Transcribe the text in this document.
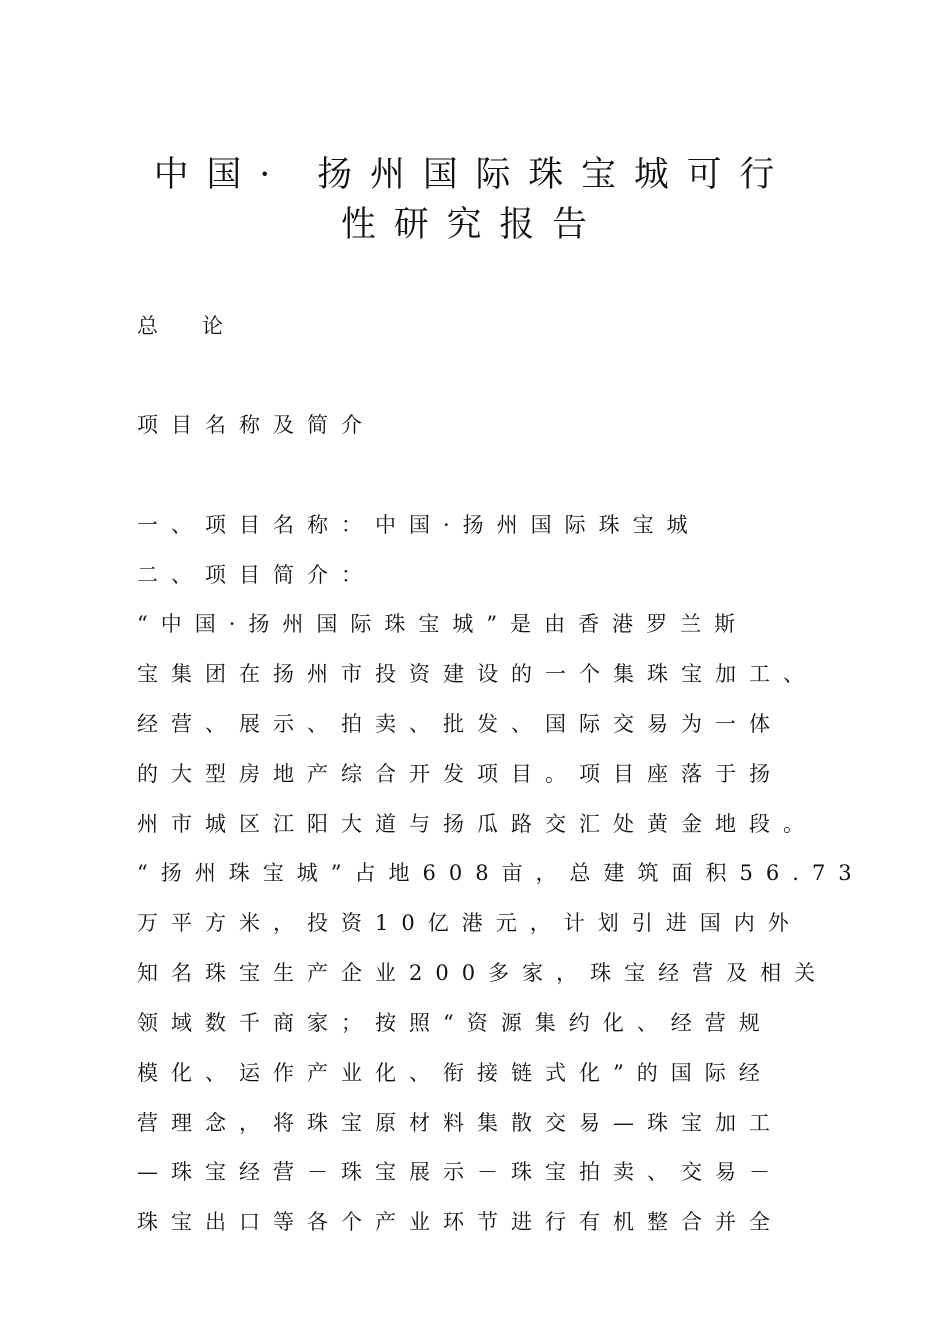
中国· 扬州国际珠宝城可行
性研究报告
总论
项目名称及简介
一、项目名称：中国·扬州国际珠宝城
二、项目简介：
“中国·扬州国际珠宝城”是由香港罗兰斯
宝集团在扬州市投资建设的一个集珠宝加工、
经营、展示、拍卖、批发、国际交易为一体
的大型房地产综合开发项目。项目座落于扬
州市城区江阳大道与扬瓜路交汇处黄金地段。
“扬州珠宝城”占地608亩，总建筑面积56.73
万平方米，投资10亿港元，计划引进国内外
知名珠宝生产企业200多家，珠宝经营及相关
领域数千商家；按照“资源集约化、经营规
模化、运作产业化、衔接链式化”的国际经
营理念，将珠宝原材料集散交易—珠宝加工
—珠宝经营－珠宝展示－珠宝拍卖、交易－
珠宝出口等各个产业环节进行有机整合并全
